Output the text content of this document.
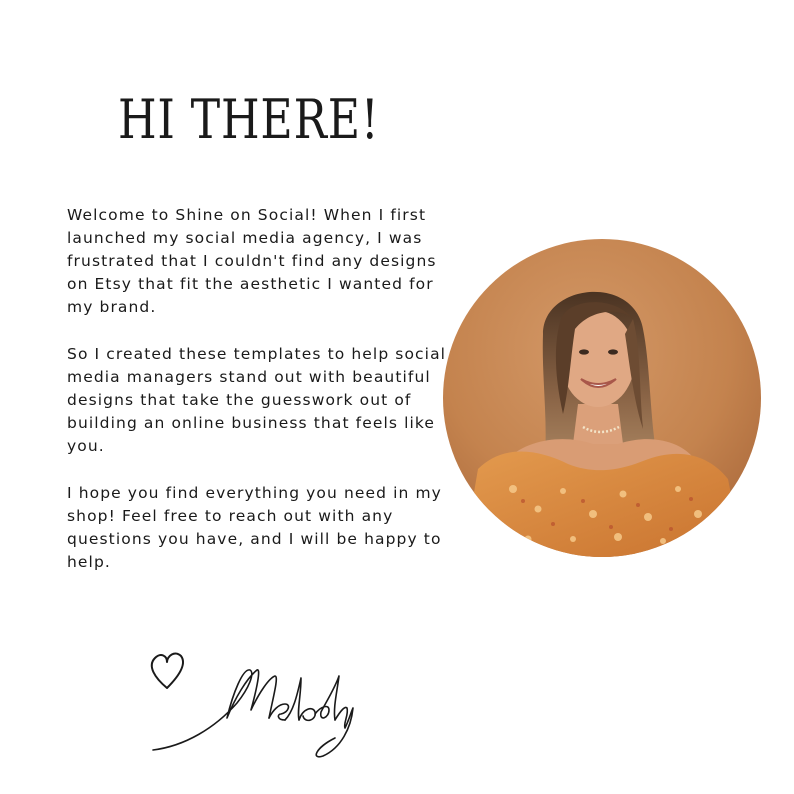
HI THERE!

Welcome to Shine on Social! When I first launched my social media agency, I was frustrated that I couldn't find any designs on Etsy that fit the aesthetic I wanted for my brand.

So I created these templates to help social media managers stand out with beautiful designs that take the guesswork out of building an online business that feels like you.

I hope you find everything you need in my shop! Feel free to reach out with any questions you have, and I will be happy to help.
